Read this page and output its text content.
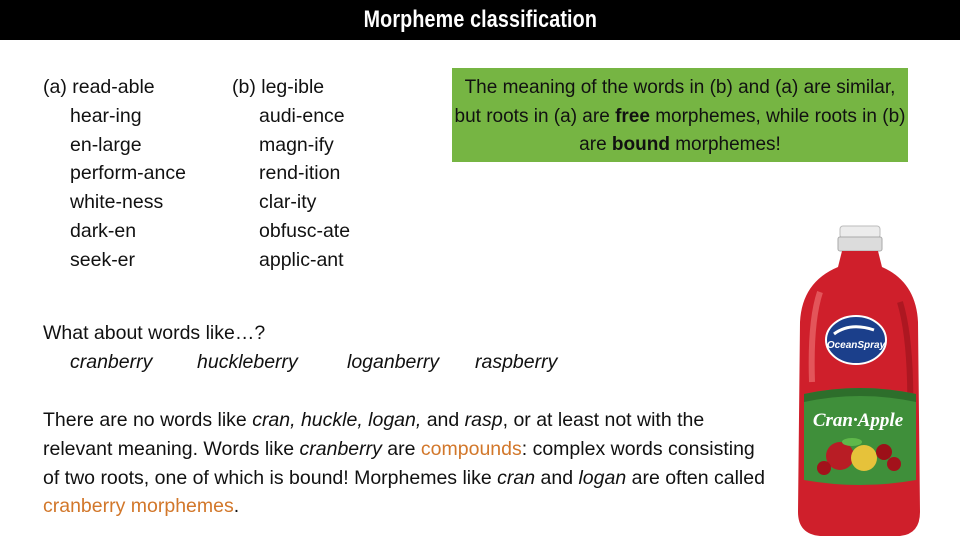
Morpheme classification
(a) read-able
hear-ing
en-large
perform-ance
white-ness
dark-en
seek-er
(b) leg-ible
audi-ence
magn-ify
rend-ition
clar-ity
obfusc-ate
applic-ant
The meaning of the words in (b) and (a) are similar, but roots in (a) are free morphemes, while roots in (b) are bound morphemes!
What about words like…?
cranberry huckleberry	loganberry raspberry
There are no words like cran, huckle, logan, and rasp, or at least not with the relevant meaning. Words like cranberry are compounds: complex words consisting of two roots, one of which is bound! Morphemes like cran and logan are often called cranberry morphemes.
OceanSpray
Cran·Apple
